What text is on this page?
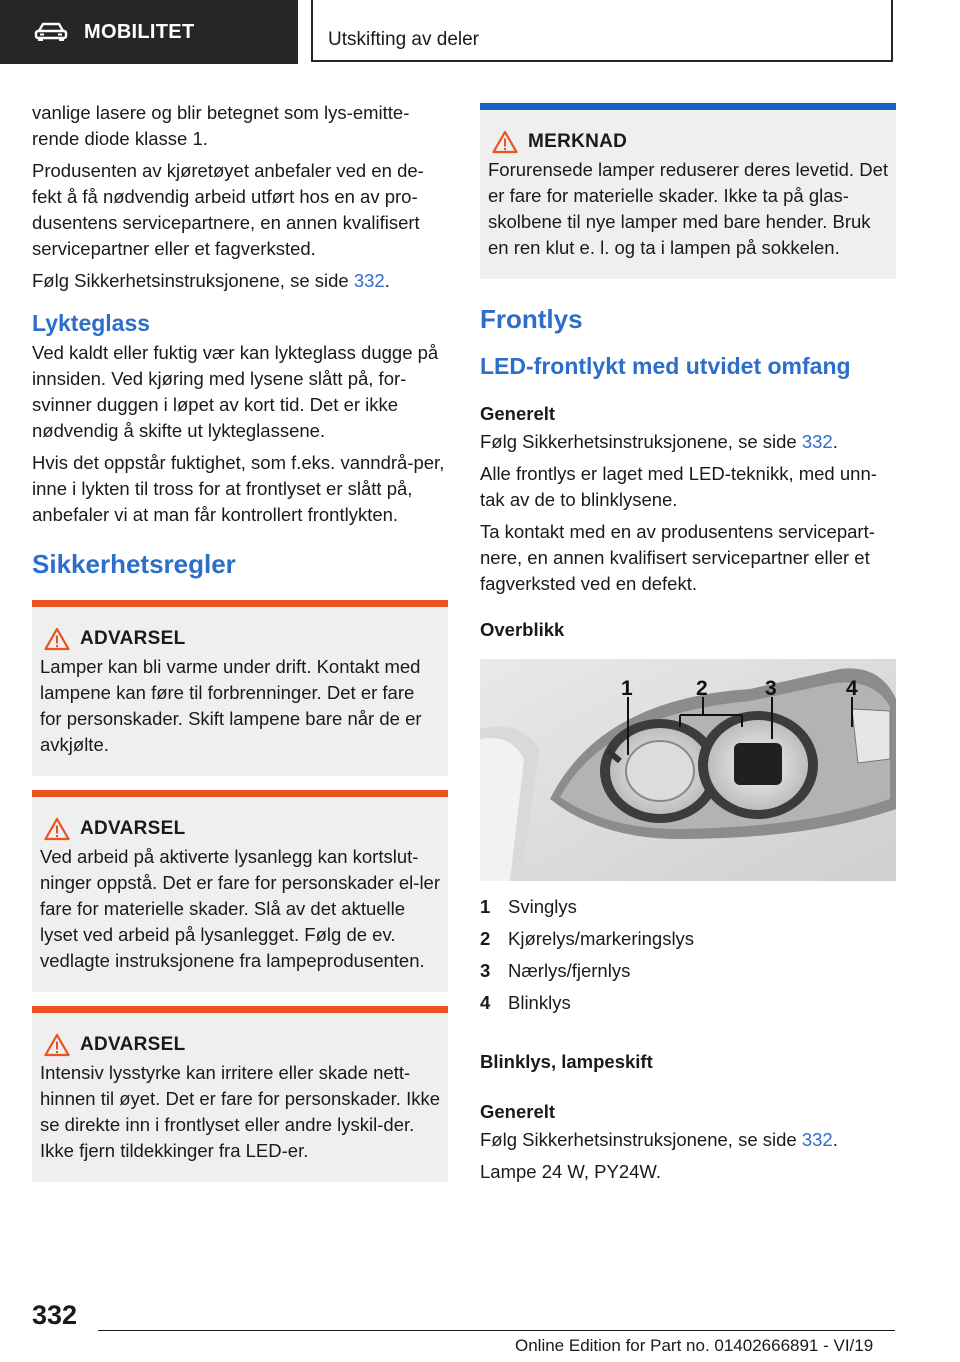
MOBILITET	Utskifting av deler

vanlige lasere og blir betegnet som lys-emitte-rende diode klasse 1.

Produsenten av kjøretøyet anbefaler ved en de-fekt å få nødvendig arbeid utført hos en av pro-dusentens servicepartnere, en annen kvalifisert servicepartner eller et fagverksted.

Følg Sikkerhetsinstruksjonene, se side 332.

Lykteglass

Ved kaldt eller fuktig vær kan lykteglass dugge på innsiden. Ved kjøring med lysene slått på, for-svinner duggen i løpet av kort tid. Det er ikke nødvendig å skifte ut lykteglassene.

Hvis det oppstår fuktighet, som f.eks. vanndrå-per, inne i lykten til tross for at frontlyset er slått på, anbefaler vi at man får kontrollert frontlykten.

Sikkerhetsregler
ADVARSEL

Lamper kan bli varme under drift. Kontakt med lampene kan føre til forbrenninger. Det er fare for personskader. Skift lampene bare når de er avkjølte.

ADVARSEL

Ved arbeid på aktiverte lysanlegg kan kortslut-ninger oppstå. Det er fare for personskader el-ler fare for materielle skader. Slå av det aktuelle lyset ved arbeid på lysanlegget. Følg de ev. vedlagte instruksjonene fra lampeprodusenten.

ADVARSEL

Intensiv lysstyrke kan irritere eller skade nett-hinnen til øyet. Det er fare for personskader. Ikke se direkte inn i frontlyset eller andre lyskil-der. Ikke fjern tildekkinger fra LED-er.

MERKNAD

Forurensede lamper reduserer deres levetid. Det er fare for materielle skader. Ikke ta på glas-skolbene til nye lamper med bare hender. Bruk en ren klut e. l. og ta i lampen på sokkelen.

Frontlys
LED-frontlykt med utvidet omfang
Generelt

Følg Sikkerhetsinstruksjonene, se side 332.

Alle frontlys er laget med LED-teknikk, med unn-tak av de to blinklysene.

Ta kontakt med en av produsentens servicepart-nere, en annen kvalifisert servicepartner eller et fagverksted ved en defekt.

Overblikk
1	2	3	4
1 Svinglys
2 Kjørelys/markeringslys
3 Nærlys/fjernlys
4 Blinklys
Blinklys, lampeskift
Generelt

Følg Sikkerhetsinstruksjonene, se side 332.

Lampe 24 W, PY24W.

332
Online Edition for Part no. 01402666891 - VI/19
